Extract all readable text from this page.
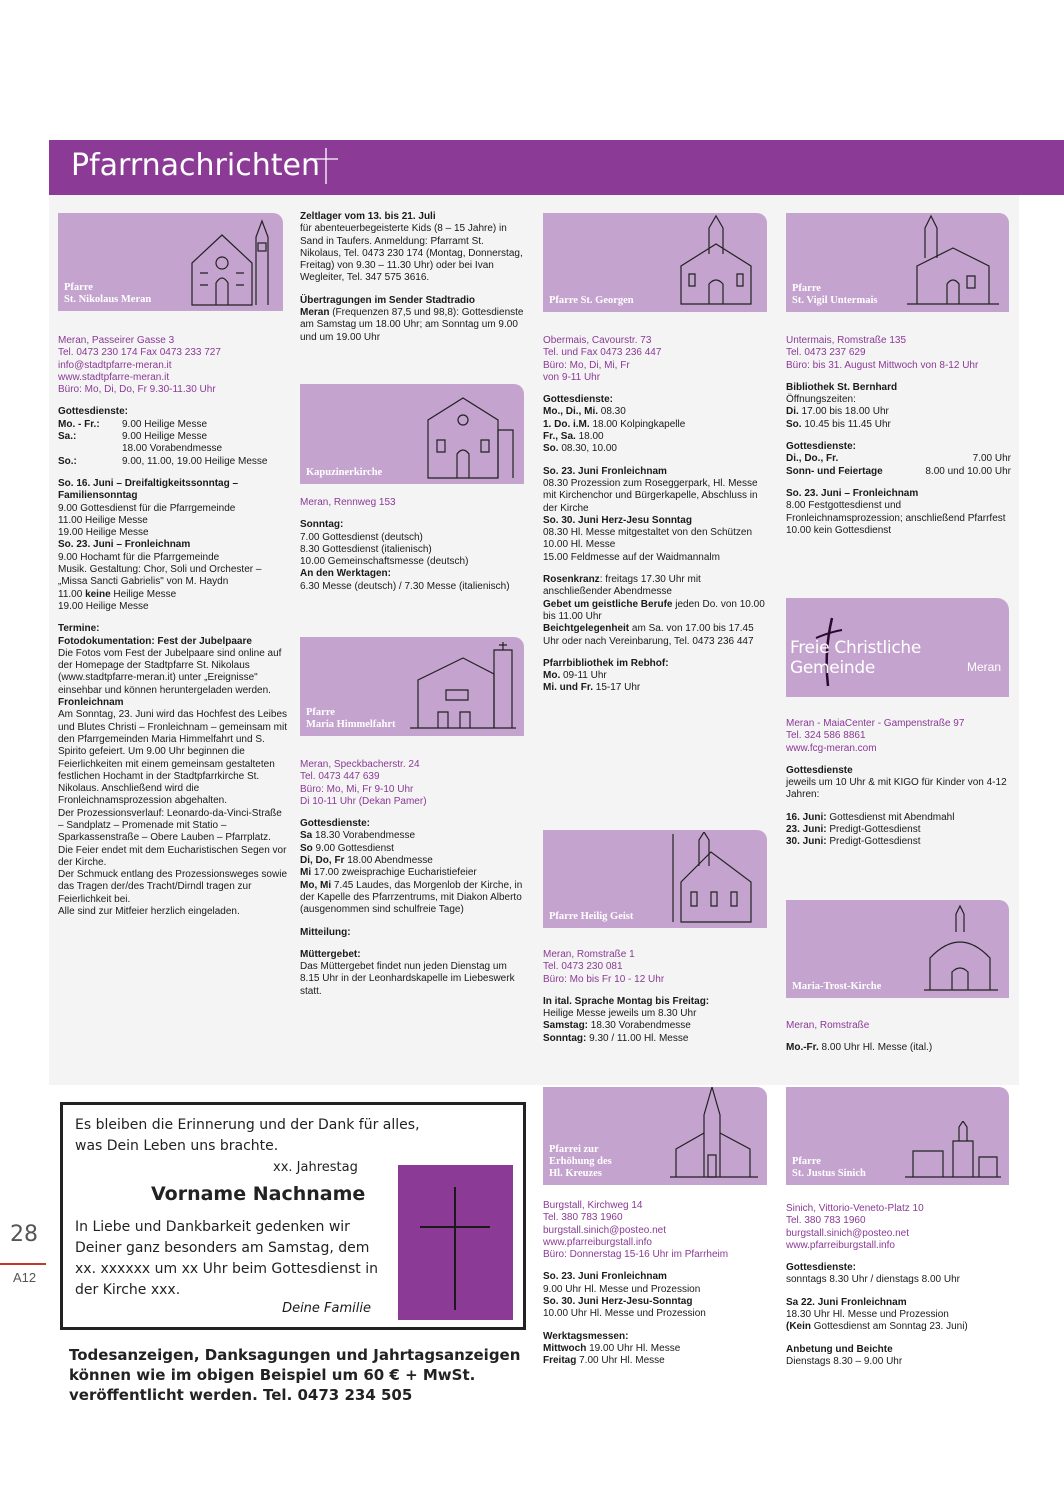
Pfarrnachrichten
Pfarre
St. Nikolaus Meran

Meran, Passeirer Gasse 3

Tel. 0473 230 174 Fax 0473 233 727

info@stadtpfarre-meran.it

www.stadtpfarre-meran.it

Büro: Mo, Di, Do, Fr 9.30-11.30 Uhr

Gottesdienste:

Mo. - Fr.:	9.00 Heilige Messe
Sa.:	9.00 Heilige Messe
18.00 Vorabendmesse
So.:	9.00, 11.00, 19.00 Heilige Messe

So. 16. Juni – Dreifaltigkeitssonntag – Familiensonntag

9.00 Gottesdienst für die Pfarrgemeinde

11.00 Heilige Messe

19.00 Heilige Messe

So. 23. Juni – Fronleichnam

9.00 Hochamt für die Pfarrgemeinde

Musik. Gestaltung: Chor, Soli und Orchester – „Missa Sancti Gabrielis" von M. Haydn

11.00 keine Heilige Messe

19.00 Heilige Messe

Termine:

Fotodokumentation: Fest der Jubelpaare

Die Fotos vom Fest der Jubelpaare sind online auf der Homepage der Stadtpfarre St. Nikolaus (www.stadtpfarre-meran.it) unter „Ereignisse" einsehbar und können heruntergeladen werden.

Fronleichnam

Am Sonntag, 23. Juni wird das Hochfest des Leibes und Blutes Christi – Fronleichnam – gemeinsam mit den Pfarrgemeinden Maria Himmelfahrt und S. Spirito gefeiert. Um 9.00 Uhr beginnen die Feierlichkeiten mit einem gemeinsam gestalteten festlichen Hochamt in der Stadtpfarrkirche St. Nikolaus. Anschließend wird die Fronleichnamsprozession abgehalten.

Der Prozessionsverlauf: Leonardo-da-Vinci-Straße – Sandplatz – Promenade mit Statio – Sparkassenstraße – Obere Lauben – Pfarrplatz. Die Feier endet mit dem Eucharistischen Segen vor der Kirche.

Der Schmuck entlang des Prozessionsweges sowie das Tragen der/des Tracht/Dirndl tragen zur Feierlichkeit bei.

Alle sind zur Mitfeier herzlich eingeladen.

Zeltlager vom 13. bis 21. Juli

für abenteuerbegeisterte Kids (8 – 15 Jahre) in Sand in Taufers. Anmeldung: Pfarramt St. Nikolaus, Tel. 0473 230 174 (Montag, Donnerstag, Freitag) von 9.30 – 11.30 Uhr) oder bei Ivan Wegleiter, Tel. 347 575 3616.

Übertragungen im Sender Stadtradio

Meran (Frequenzen 87,5 und 98,8): Gottesdienste am Samstag um 18.00 Uhr; am Sonntag um 9.00 und um 19.00 Uhr

Kapuzinerkirche

Meran, Rennweg 153

Sonntag:

7.00 Gottesdienst (deutsch)

8.30 Gottesdienst (italienisch)

10.00 Gemeinschaftsmesse (deutsch)

An den Werktagen:

6.30 Messe (deutsch) / 7.30 Messe (italienisch)

Pfarre
Maria Himmelfahrt

Meran, Speckbacherstr. 24

Tel. 0473 447 639

Büro: Mo, Mi, Fr 9-10 Uhr

Di 10-11 Uhr (Dekan Pamer)

Gottesdienste:

Sa 18.30 Vorabendmesse

So 9.00 Gottesdienst

Di, Do, Fr 18.00 Abendmesse

Mi 17.00 zweisprachige Eucharistiefeier

Mo, Mi 7.45 Laudes, das Morgenlob der Kirche, in der Kapelle des Pfarrzentrums, mit Diakon Alberto (ausgenommen sind schulfreie Tage)

Mitteilung:

Müttergebet:

Das Müttergebet findet nun jeden Dienstag um 8.15 Uhr in der Leonhardskapelle im Liebeswerk statt.

Pfarre St. Georgen

Obermais, Cavourstr. 73

Tel. und Fax 0473 236 447

Büro: Mo, Di, Mi, Fr

von 9-11 Uhr

Gottesdienste:

Mo., Di., Mi. 08.30

1. Do. i.M. 18.00 Kolpingkapelle

Fr., Sa. 18.00

So. 08.30, 10.00

So. 23. Juni Fronleichnam

08.30 Prozession zum Roseggerpark, Hl. Messe mit Kirchenchor und Bürgerkapelle, Abschluss in der Kirche

So. 30. Juni Herz-Jesu Sonntag

08.30 Hl. Messe mitgestaltet von den Schützen

10.00 Hl. Messe

15.00 Feldmesse auf der Waidmannalm

Rosenkranz: freitags 17.30 Uhr mit anschließender Abendmesse

Gebet um geistliche Berufe jeden Do. von 10.00 bis 11.00 Uhr

Beichtgelegenheit am Sa. von 17.00 bis 17.45 Uhr oder nach Vereinbarung, Tel. 0473 236 447

Pfarrbibliothek im Rebhof:

Mo. 09-11 Uhr

Mi. und Fr. 15-17 Uhr

Pfarre Heilig Geist

Meran, Romstraße 1

Tel. 0473 230 081

Büro: Mo bis Fr 10 - 12 Uhr

In ital. Sprache Montag bis Freitag:

Heilige Messe jeweils um 8.30 Uhr

Samstag: 18.30 Vorabendmesse

Sonntag: 9.30 / 11.00 Hl. Messe

Pfarrei zur
Erhöhung des
Hl. Kreuzes

Burgstall, Kirchweg 14

Tel. 380 783 1960

burgstall.sinich@posteo.net

www.pfarreiburgstall.info

Büro: Donnerstag 15-16 Uhr im Pfarrheim

So. 23. Juni Fronleichnam

9.00 Uhr Hl. Messe und Prozession

So. 30. Juni Herz-Jesu-Sonntag

10.00 Uhr Hl. Messe und Prozession

Werktagsmessen:

Mittwoch 19.00 Uhr Hl. Messe

Freitag 7.00 Uhr Hl. Messe

Pfarre
St. Vigil Untermais

Untermais, Romstraße 135

Tel. 0473 237 629

Büro: bis 31. August Mittwoch von 8-12 Uhr

Bibliothek St. Bernhard

Öffnungszeiten:

Di. 17.00 bis 18.00 Uhr

So. 10.45 bis 11.45 Uhr

Gottesdienste:

Di., Do., Fr.	7.00 Uhr
Sonn- und Feiertage	8.00 und 10.00 Uhr

So. 23. Juni – Fronleichnam

8.00 Festgottesdienst und Fronleichnamsprozession; anschließend Pfarrfest

10.00 kein Gottesdienst

Freie Christliche Gemeinde	Meran

Meran - MaiaCenter - Gampenstraße 97

Tel. 324 586 8861

www.fcg-meran.com

Gottesdienste

jeweils um 10 Uhr & mit KIGO für Kinder von 4-12 Jahren:

16. Juni: Gottesdienst mit Abendmahl

23. Juni: Predigt-Gottesdienst

30. Juni: Predigt-Gottesdienst

Maria-Trost-Kirche

Meran, Romstraße

Mo.-Fr. 8.00 Uhr Hl. Messe (ital.)

Pfarre
St. Justus Sinich

Sinich, Vittorio-Veneto-Platz 10

Tel. 380 783 1960

burgstall.sinich@posteo.net

www.pfarreiburgstall.info

Gottesdienste:

sonntags 8.30 Uhr / dienstags 8.00 Uhr

Sa 22. Juni Fronleichnam

18.30 Uhr Hl. Messe und Prozession

(Kein Gottesdienst am Sonntag 23. Juni)

Anbetung und Beichte

Dienstags 8.30 – 9.00 Uhr

Es bleiben die Erinnerung und der Dank für alles,
was Dein Leben uns brachte.
xx. Jahrestag
Vorname Nachname
In Liebe und Dankbarkeit gedenken wir
Deiner ganz besonders am Samstag, dem
xx. xxxxxx um xx Uhr beim Gottesdienst in
der Kirche xxx.
Deine Familie
Todesanzeigen, Danksagungen und Jahrtagsanzeigen können wie im obigen Beispiel um 60 € + MwSt. veröffentlicht werden. Tel. 0473 234 505
28
A12
